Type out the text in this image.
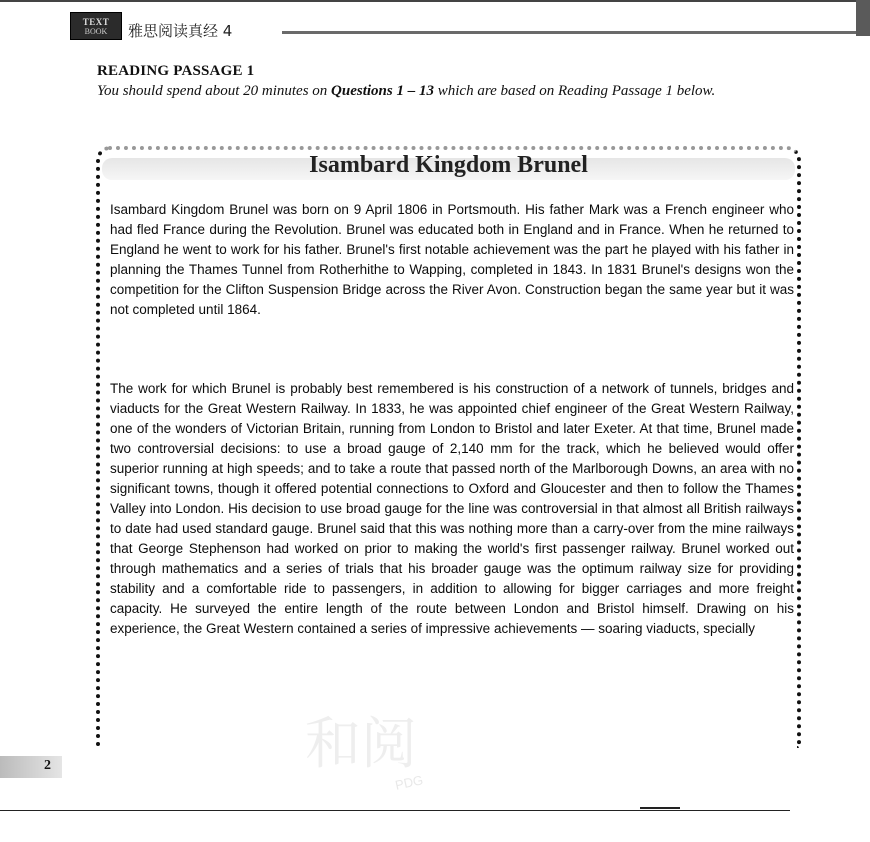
TEXT
BOOK 雅思阅读真经 4
READING PASSAGE 1
You should spend about 20 minutes on Questions 1 – 13 which are based on Reading Passage 1 below.
Isambard Kingdom Brunel

Isambard Kingdom Brunel was born on 9 April 1806 in Portsmouth. His father Mark was a French engineer who had fled France during the Revolution. Brunel was educated both in England and in France. When he returned to England he went to work for his father. Brunel's first notable achievement was the part he played with his father in planning the Thames Tunnel from Rotherhithe to Wapping, completed in 1843. In 1831 Brunel's designs won the competition for the Clifton Suspension Bridge across the River Avon. Construction began the same year but it was not completed until 1864.

The work for which Brunel is probably best remembered is his construction of a network of tunnels, bridges and viaducts for the Great Western Railway. In 1833, he was appointed chief engineer of the Great Western Railway, one of the wonders of Victorian Britain, running from London to Bristol and later Exeter. At that time, Brunel made two controversial decisions: to use a broad gauge of 2,140 mm for the track, which he believed would offer superior running at high speeds; and to take a route that passed north of the Marlborough Downs, an area with no significant towns, though it offered potential connections to Oxford and Gloucester and then to follow the Thames Valley into London. His decision to use broad gauge for the line was controversial in that almost all British railways to date had used standard gauge. Brunel said that this was nothing more than a carry-over from the mine railways that George Stephenson had worked on prior to making the world's first passenger railway. Brunel worked out through mathematics and a series of trials that his broader gauge was the optimum railway size for providing stability and a comfortable ride to passengers, in addition to allowing for bigger carriages and more freight capacity. He surveyed the entire length of the route between London and Bristol himself. Drawing on his experience, the Great Western contained a series of impressive achievements — soaring viaducts, specially

2	和阅
PDG
